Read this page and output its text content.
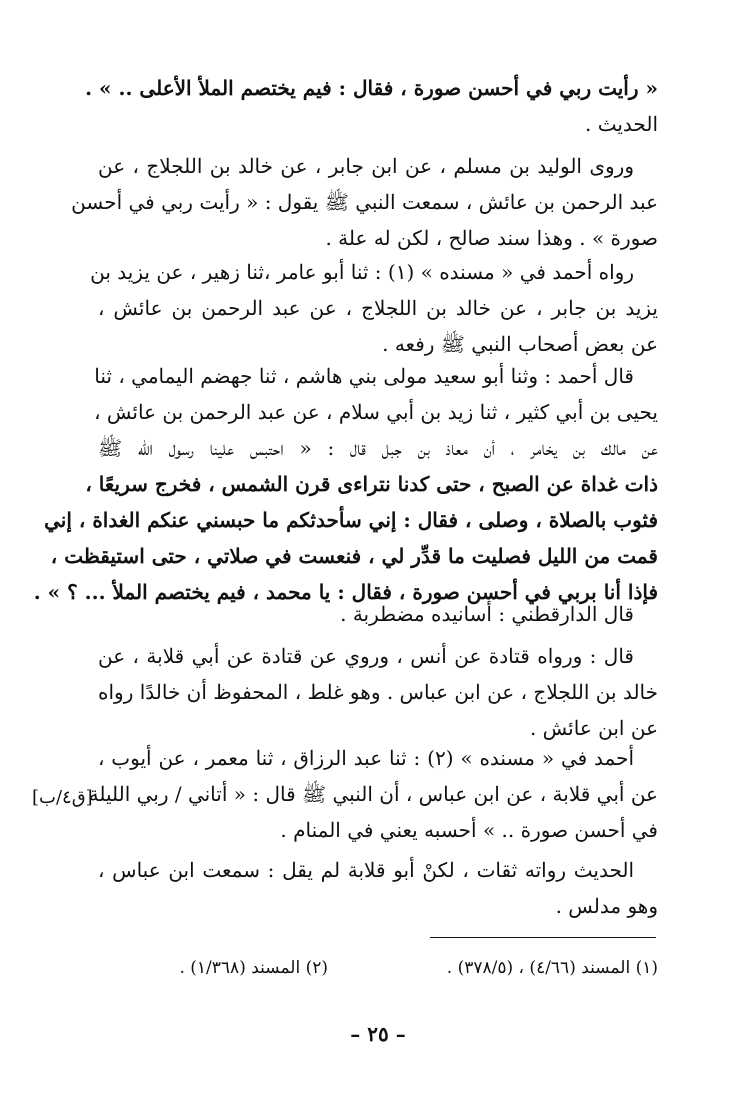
« رأيت ربي في أحسن صورة ، فقال : فيم يختصم الملأ الأعلى .. » .
الحديث .
وروى الوليد بن مسلم ، عن ابن جابر ، عن خالد بن اللجلاج ، عن
عبد الرحمن بن عائش ، سمعت النبي ﷺ يقول : « رأيت ربي في أحسن
صورة » . وهذا سند صالح ، لكن له علة .
رواه أحمد في « مسنده » (١) : ثنا أبو عامر ،ثنا زهير ، عن يزيد بن
يزيد بن جابر ، عن خالد بن اللجلاج ، عن عبد الرحمن بن عائش ،
عن بعض أصحاب النبي ﷺ رفعه .
قال أحمد : وثنا أبو سعيد مولى بني هاشم ، ثنا جهضم اليمامي ، ثنا
يحيى بن أبي كثير ، ثنا زيد بن أبي سلام ، عن عبد الرحمن بن عائش ،
عن مالك بن يخامر ، أن معاذ بن جبل قال : « احتبس علينا رسول الله ﷺ
ذات غداة عن الصبح ، حتى كدنا نتراءى قرن الشمس ، فخرج سريعًا ،
فثوب بالصلاة ، وصلى ، فقال : إني سأحدثكم ما حبسني عنكم الغداة ، إني
قمت من الليل فصليت ما قدِّر لي ، فنعست في صلاتي ، حتى استيقظت ،
فإذا أنا بربي في أحسن صورة ، فقال : يا محمد ، فيم يختصم الملأ ... ؟ » .
قال الدارقطني : أسانيده مضطربة .
قال : ورواه قتادة عن أنس ، وروي عن قتادة عن أبي قلابة ، عن
خالد بن اللجلاج ، عن ابن عباس . وهو غلط ، المحفوظ أن خالدًا رواه
عن ابن عائش .
أحمد في « مسنده » (٢) : ثنا عبد الرزاق ، ثنا معمر ، عن أيوب ،
عن أبي قلابة ، عن ابن عباس ، أن النبي ﷺ قال : « أتاني / ربي الليلة
في أحسن صورة .. » أحسبه يعني في المنام .
الحديث رواته ثقات ، لكنْ أبو قلابة لم يقل : سمعت ابن عباس ،
وهو مدلس .
[ق٤/ب]
(١) المسند (٤/٦٦) ، (٣٧٨/٥) .
(٢) المسند (١/٣٦٨) .
– ٢٥ –
